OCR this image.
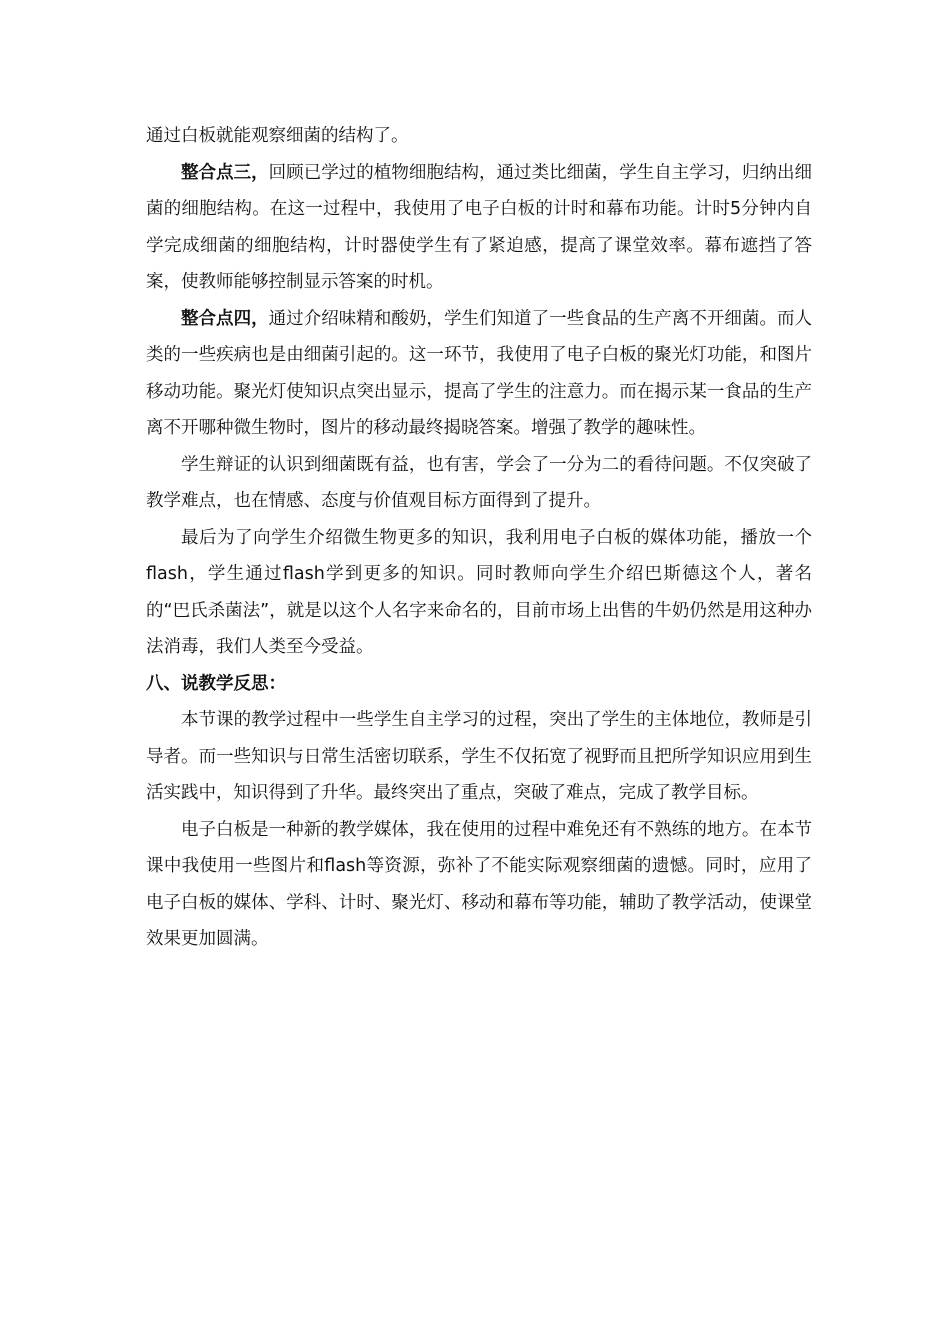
通过白板就能观察细菌的结构了。

整合点三，回顾已学过的植物细胞结构，通过类比细菌，学生自主学习，归纳出细菌的细胞结构。在这一过程中，我使用了电子白板的计时和幕布功能。计时5分钟内自学完成细菌的细胞结构，计时器使学生有了紧迫感，提高了课堂效率。幕布遮挡了答案，使教师能够控制显示答案的时机。

整合点四，通过介绍味精和酸奶，学生们知道了一些食品的生产离不开细菌。而人类的一些疾病也是由细菌引起的。这一环节，我使用了电子白板的聚光灯功能，和图片移动功能。聚光灯使知识点突出显示，提高了学生的注意力。而在揭示某一食品的生产离不开哪种微生物时，图片的移动最终揭晓答案。增强了教学的趣味性。

学生辩证的认识到细菌既有益，也有害，学会了一分为二的看待问题。不仅突破了教学难点，也在情感、态度与价值观目标方面得到了提升。

最后为了向学生介绍微生物更多的知识，我利用电子白板的媒体功能，播放一个flash，学生通过flash学到更多的知识。同时教师向学生介绍巴斯德这个人，著名的“巴氏杀菌法”，就是以这个人名字来命名的，目前市场上出售的牛奶仍然是用这种办法消毒，我们人类至今受益。

八、说教学反思：

本节课的教学过程中一些学生自主学习的过程，突出了学生的主体地位，教师是引导者。而一些知识与日常生活密切联系，学生不仅拓宽了视野而且把所学知识应用到生活实践中，知识得到了升华。最终突出了重点，突破了难点，完成了教学目标。

电子白板是一种新的教学媒体，我在使用的过程中难免还有不熟练的地方。在本节课中我使用一些图片和flash等资源，弥补了不能实际观察细菌的遗憾。同时，应用了电子白板的媒体、学科、计时、聚光灯、移动和幕布等功能，辅助了教学活动，使课堂效果更加圆满。
